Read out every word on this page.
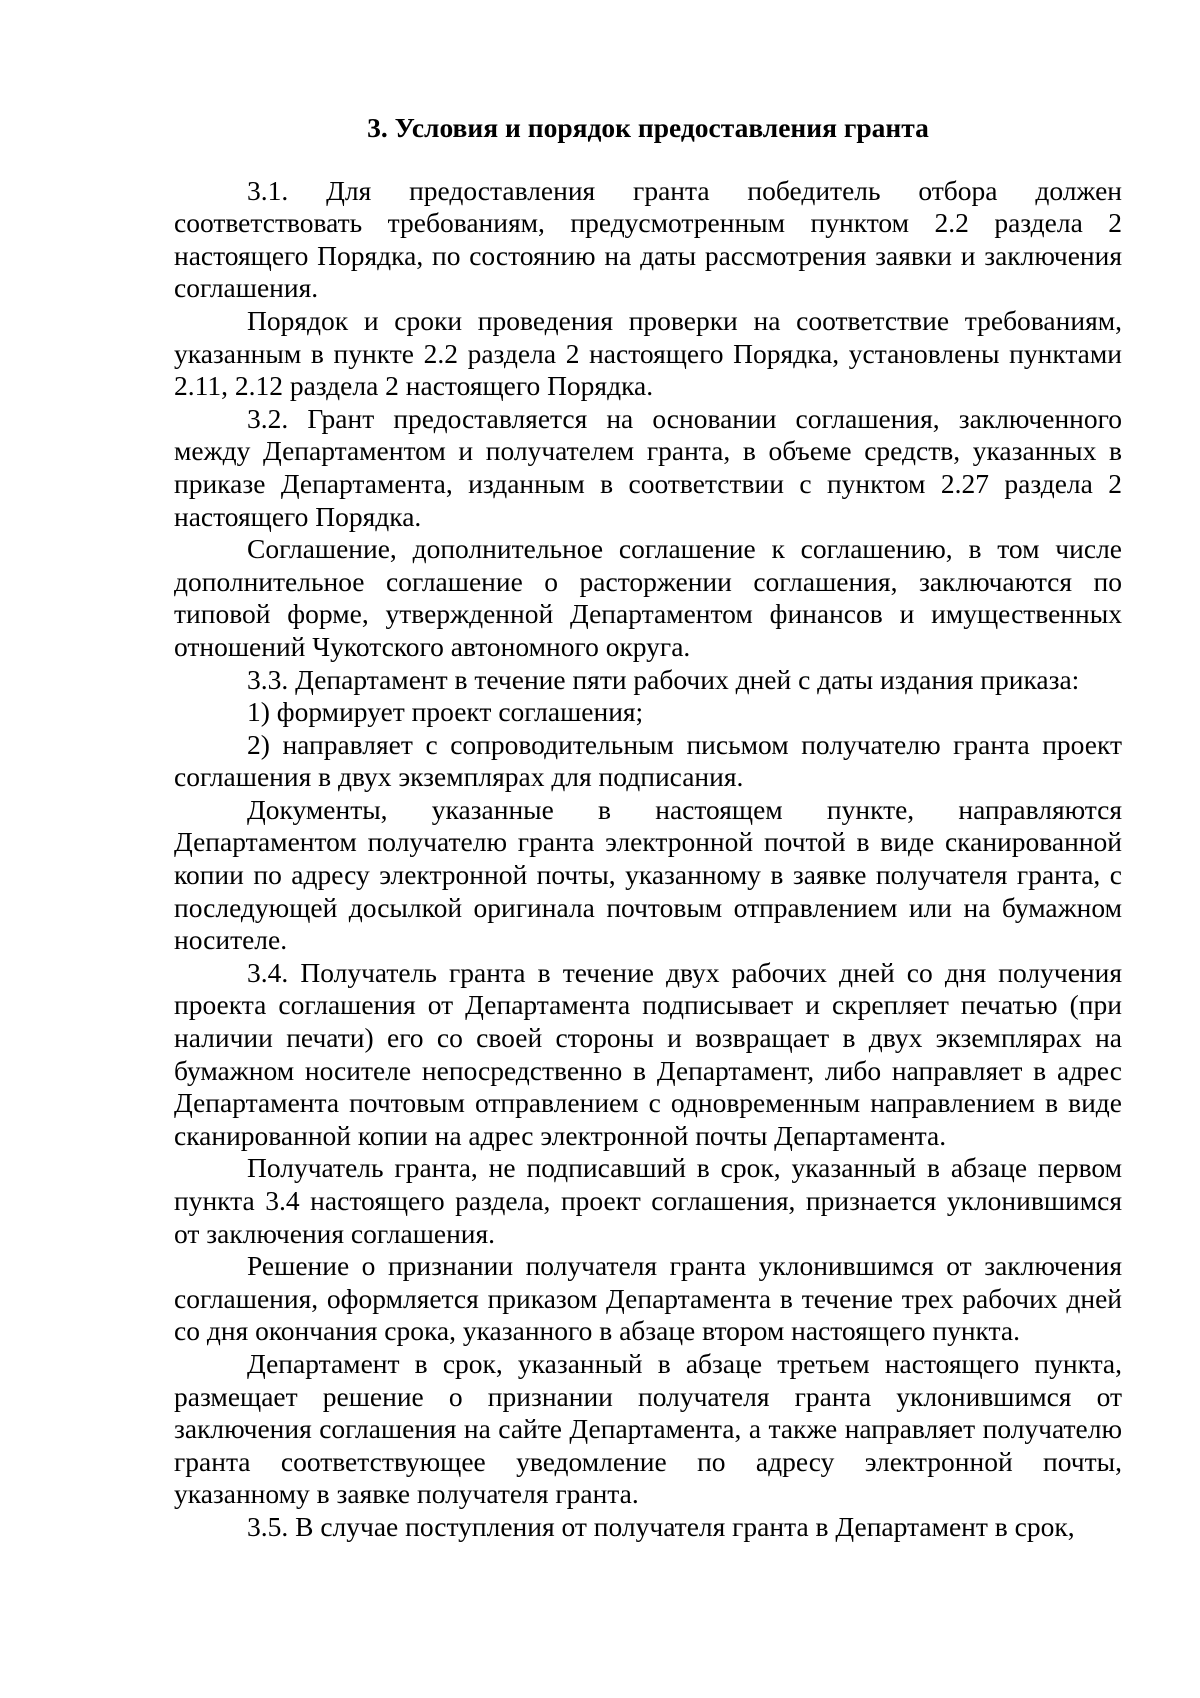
3. Условия и порядок предоставления гранта

3.1. Для предоставления гранта победитель отбора должен соответствовать требованиям, предусмотренным пунктом 2.2 раздела 2 настоящего Порядка, по состоянию на даты рассмотрения заявки и заключения соглашения.

Порядок и сроки проведения проверки на соответствие требованиям, указанным в пункте 2.2 раздела 2 настоящего Порядка, установлены пунктами 2.11, 2.12 раздела 2 настоящего Порядка.

3.2. Грант предоставляется на основании соглашения, заключенного между Департаментом и получателем гранта, в объеме средств, указанных в приказе Департамента, изданным в соответствии с пунктом 2.27 раздела 2 настоящего Порядка.

Соглашение, дополнительное соглашение к соглашению, в том числе дополнительное соглашение о расторжении соглашения, заключаются по типовой форме, утвержденной Департаментом финансов и имущественных отношений Чукотского автономного округа.

3.3. Департамент в течение пяти рабочих дней с даты издания приказа:

1) формирует проект соглашения;

2) направляет с сопроводительным письмом получателю гранта проект соглашения в двух экземплярах для подписания.

Документы, указанные в настоящем пункте, направляются Департаментом получателю гранта электронной почтой в виде сканированной копии по адресу электронной почты, указанному в заявке получателя гранта, с последующей досылкой оригинала почтовым отправлением или на бумажном носителе.

3.4. Получатель гранта в течение двух рабочих дней со дня получения проекта соглашения от Департамента подписывает и скрепляет печатью (при наличии печати) его со своей стороны и возвращает в двух экземплярах на бумажном носителе непосредственно в Департамент, либо направляет в адрес Департамента почтовым отправлением с одновременным направлением в виде сканированной копии на адрес электронной почты Департамента.

Получатель гранта, не подписавший в срок, указанный в абзаце первом пункта 3.4 настоящего раздела, проект соглашения, признается уклонившимся от заключения соглашения.

Решение о признании получателя гранта уклонившимся от заключения соглашения, оформляется приказом Департамента в течение трех рабочих дней со дня окончания срока, указанного в абзаце втором настоящего пункта.

Департамент в срок, указанный в абзаце третьем настоящего пункта, размещает решение о признании получателя гранта уклонившимся от заключения соглашения на сайте Департамента, а также направляет получателю гранта соответствующее уведомление по адресу электронной почты, указанному в заявке получателя гранта.

3.5. В случае поступления от получателя гранта в Департамент в срок,
